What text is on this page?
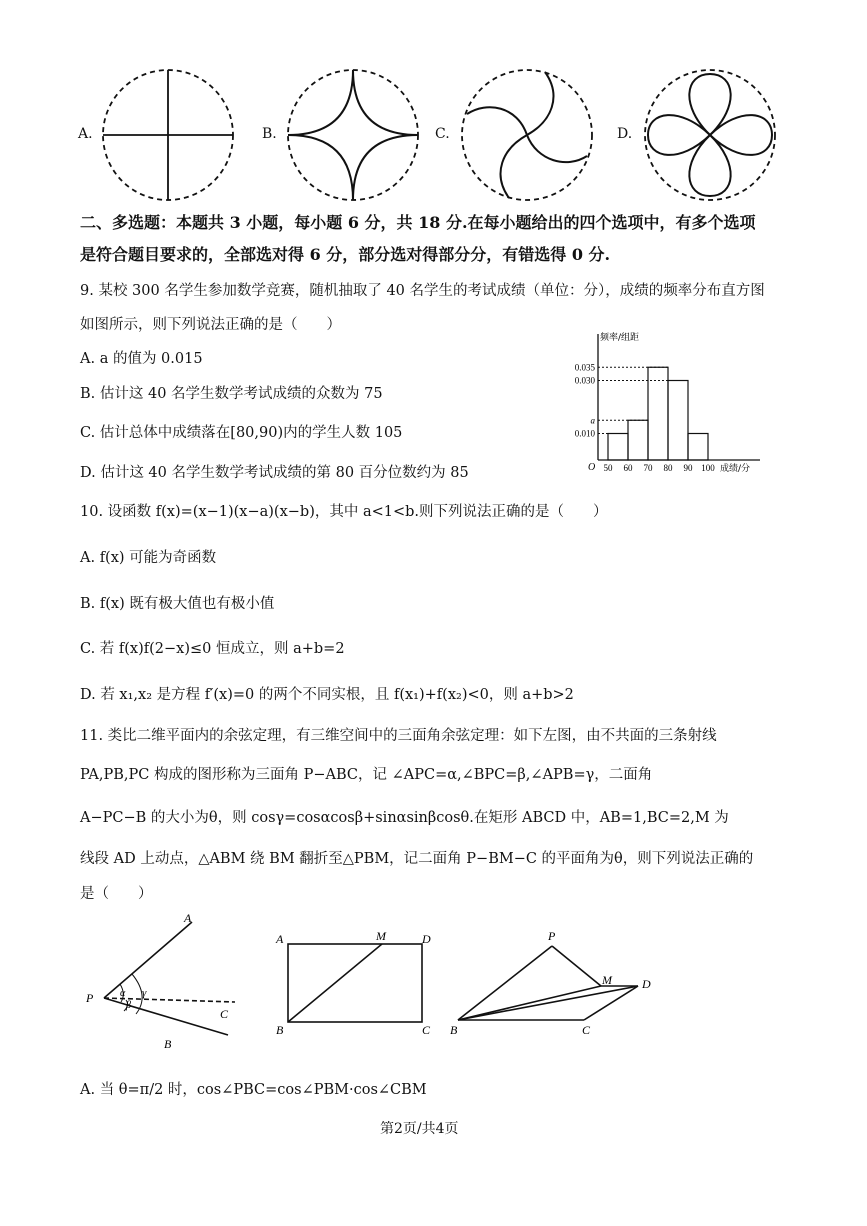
A.	B.	C.	D.
二、多选题：本题共 3 小题，每小题 6 分，共 18 分.在每小题给出的四个选项中，有多个选项
是符合题目要求的，全部选对得 6 分，部分选对得部分分，有错选得 0 分.
9. 某校 300 名学生参加数学竞赛，随机抽取了 40 名学生的考试成绩（单位：分），成绩的频率分布直方图
如图所示，则下列说法正确的是（　　）
A. a 的值为 0.015
B. 估计这 40 名学生数学考试成绩的众数为 75
C. 估计总体中成绩落在[80,90)内的学生人数 105
D. 估计这 40 名学生数学考试成绩的第 80 百分位数约为 85
0.035
0.030
a
0.010
50 60 70 80 90 100
O
频率/组距
成绩/分
10. 设函数 f(x)=(x−1)(x−a)(x−b)，其中 a<1<b.则下列说法正确的是（　　）
A. f(x) 可能为奇函数
B. f(x) 既有极大值也有极小值
C. 若 f(x)f(2−x)≤0 恒成立，则 a+b=2
D. 若 x₁,x₂ 是方程 f′(x)=0 的两个不同实根，且 f(x₁)+f(x₂)<0，则 a+b>2
11. 类比二维平面内的余弦定理，有三维空间中的三面角余弦定理：如下左图，由不共面的三条射线
PA,PB,PC 构成的图形称为三面角 P−ABC，记 ∠APC=α,∠BPC=β,∠APB=γ，二面角
A−PC−B 的大小为θ，则 cosγ=cosαcosβ+sinαsinβcosθ.在矩形 ABCD 中，AB=1,BC=2,M 为
线段 AD 上动点，△ABM 绕 BM 翻折至△PBM，记二面角 P−BM−C 的平面角为θ，则下列说法正确的
是（　　）
P
A
C
B
α
β
γ
A	M	D
B	C
P
M	D
B	C
A. 当 θ=π/2 时，cos∠PBC=cos∠PBM·cos∠CBM
第2页/共4页
